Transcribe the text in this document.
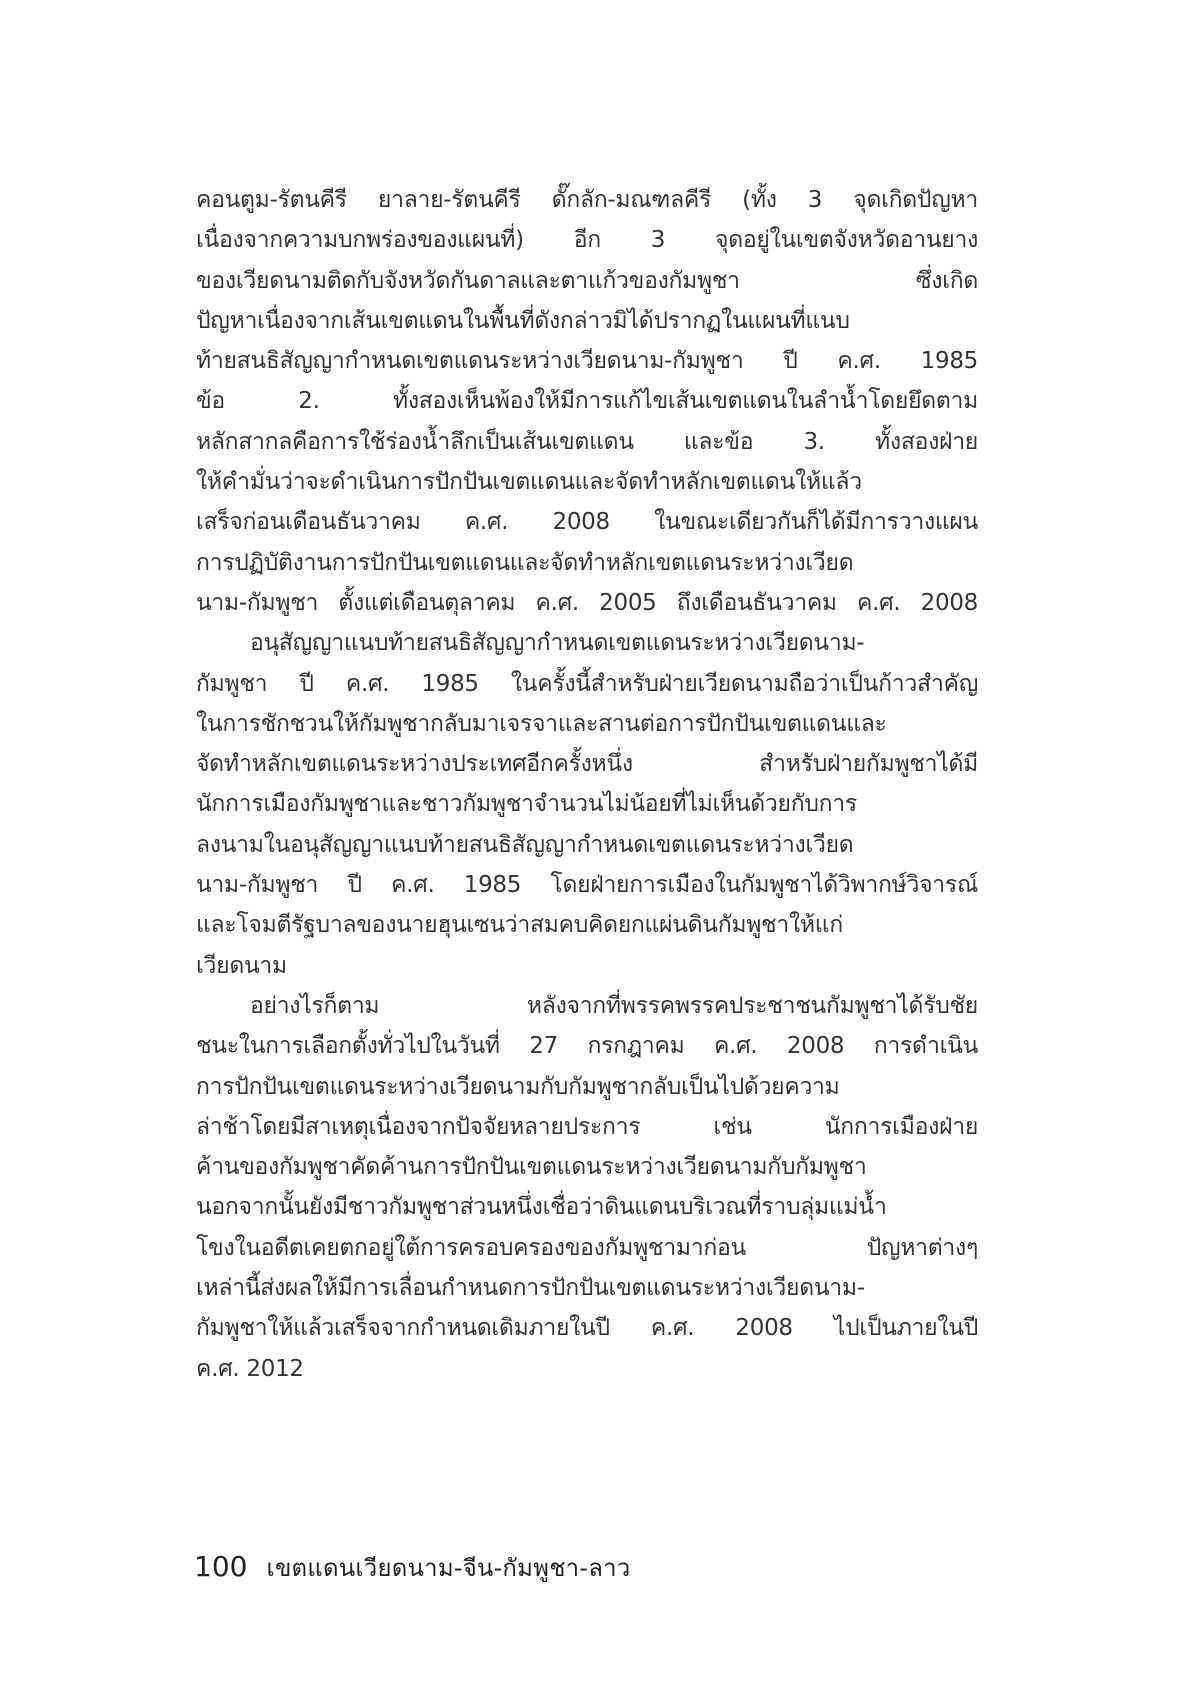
คอนตูม-รัตนคีรี ยาลาย-รัตนคีรี ดั๊กลัก-มณฑลคีรี (ทั้ง 3 จุดเกิดปัญหา
เนื่องจากความบกพร่องของแผนที่) อีก 3 จุดอยู่ในเขตจังหวัดอานยาง
ของเวียดนามติดกับจังหวัดกันดาลและตาแก้วของกัมพูชา ซึ่งเกิด
ปัญหาเนื่องจากเส้นเขตแดนในพื้นที่ดังกล่าวมิได้ปรากฏในแผนที่แนบ
ท้ายสนธิสัญญากำหนดเขตแดนระหว่างเวียดนาม-กัมพูชา ปี ค.ศ. 1985
ข้อ 2. ทั้งสองเห็นพ้องให้มีการแก้ไขเส้นเขตแดนในลำน้ำโดยยึดตาม
หลักสากลคือการใช้ร่องน้ำลึกเป็นเส้นเขตแดน และข้อ 3. ทั้งสองฝ่าย
ให้คำมั่นว่าจะดำเนินการปักปันเขตแดนและจัดทำหลักเขตแดนให้แล้ว
เสร็จก่อนเดือนธันวาคม ค.ศ. 2008 ในขณะเดียวกันก็ได้มีการวางแผน
การปฏิบัติงานการปักปันเขตแดนและจัดทำหลักเขตแดนระหว่างเวียด
นาม-กัมพูชา ตั้งแต่เดือนตุลาคม ค.ศ. 2005 ถึงเดือนธันวาคม ค.ศ. 2008
อนุสัญญาแนบท้ายสนธิสัญญากำหนดเขตแดนระหว่างเวียดนาม-
กัมพูชา ปี ค.ศ. 1985 ในครั้งนี้สำหรับฝ่ายเวียดนามถือว่าเป็นก้าวสำคัญ
ในการชักชวนให้กัมพูชากลับมาเจรจาและสานต่อการปักปันเขตแดนและ
จัดทำหลักเขตแดนระหว่างประเทศอีกครั้งหนึ่ง สำหรับฝ่ายกัมพูชาได้มี
นักการเมืองกัมพูชาและชาวกัมพูชาจำนวนไม่น้อยที่ไม่เห็นด้วยกับการ
ลงนามในอนุสัญญาแนบท้ายสนธิสัญญากำหนดเขตแดนระหว่างเวียด
นาม-กัมพูชา ปี ค.ศ. 1985 โดยฝ่ายการเมืองในกัมพูชาได้วิพากษ์วิจารณ์
และโจมตีรัฐบาลของนายฮุนเซนว่าสมคบคิดยกแผ่นดินกัมพูชาให้แก่
เวียดนาม
อย่างไรก็ตาม หลังจากที่พรรคพรรคประชาชนกัมพูชาได้รับชัย
ชนะในการเลือกตั้งทั่วไปในวันที่ 27 กรกฎาคม ค.ศ. 2008 การดำเนิน
การปักปันเขตแดนระหว่างเวียดนามกับกัมพูชากลับเป็นไปด้วยความ
ล่าช้าโดยมีสาเหตุเนื่องจากปัจจัยหลายประการ เช่น นักการเมืองฝ่าย
ค้านของกัมพูชาคัดค้านการปักปันเขตแดนระหว่างเวียดนามกับกัมพูชา
นอกจากนั้นยังมีชาวกัมพูชาส่วนหนึ่งเชื่อว่าดินแดนบริเวณที่ราบลุ่มแม่น้ำ
โขงในอดีตเคยตกอยู่ใต้การครอบครองของกัมพูชามาก่อน ปัญหาต่างๆ
เหล่านี้ส่งผลให้มีการเลื่อนกำหนดการปักปันเขตแดนระหว่างเวียดนาม-
กัมพูชาให้แล้วเสร็จจากกำหนดเดิมภายในปี ค.ศ. 2008 ไปเป็นภายในปี
ค.ศ. 2012
100 เขตแดนเวียดนาม-จีน-กัมพูชา-ลาว
